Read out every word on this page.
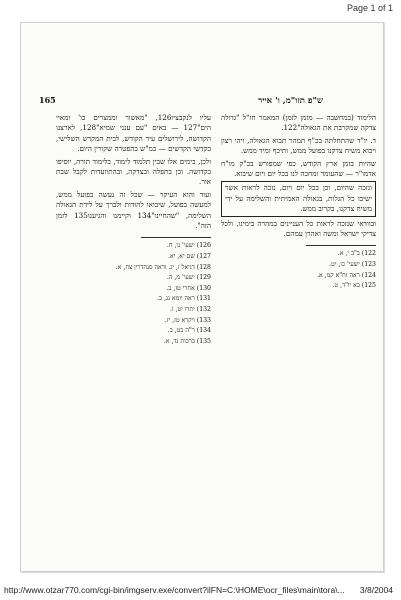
Page 1 of 1
165	ש"פ תזו"מ, ו' אייר

הלימוד (במחשבה — מזמן לזמן) המאמר חז"ל "גדולה צדקה שמקרבת את הגאולה"122.

ד. יו"ד שהתחלתה בכ"ף תמהר תבוא הגאולה, ויהי רצון ויבוא משיח צדקנו בפועל ממש, ותיכף ומיד ממש.

שהיות בזמן ארץ הקודש, כפי שמפורש בכ"ק מו"ח אדמו"ר — שהעומד ומחכה לנו בכל יום ויום שיבוא.

ונזכה שהיום, וכן בכל יום ויום, נזכה לראות אשר ישיבו כל הגלות, בגאולה האמיתית והשלימה על ידי משיח צדקנו, בקרוב ממש.

ובוודאי שנזכה לראות כל העניינים במהרה בימינו, ולכל צדיקי ישראל ומשה ואהרן עמהם.

122) ב"ב י, א.

123) ישעי' כו, יט.

124) ראה זח"א קמ, א.

125) בא יו"ד, ט.

עליו לנקבציו126, "מאשור וממצרים כו' ומאיי הים"127 — באים "עם ענני שמיא"128, לארצנו הקדושה, לירושלים עיר הקודש, לבית המקדש השלישי, בקדשי הקדשים — כמ"ש בהפטרה שקורין היום.

ולכן, בימים אלו שבין תלמוד לימוד, בלימוד תורה, יוסיפו בקדושה. וכן בתפלה ובצדקה, ובהתוועדות לקבל שבת אור.

ועוד והוא העיקר — שכל זה נעשה בפועל ממש, למעשה בפועל, שיבואו להודות ולברך על לידת הגאולה השלימה, "שהחיינו"134 וקיימנו והגיענו135 לזמן הזה".

126) ישעי' נו, ח.

127) שם יא, יא.

128) דניאל ז, יג. וראה סנהדרין צח, א.

129) ישעי' מ, ה.

130) אחרי טז, ב.

131) ראה יומא נג, ב.

132) יתרו יט, ו.

133) ויקרא טז, יז.

134) ר"ה כט, ב.

135) ברכות נד, א.

http://www.otzar770.com/cgi-bin/imgserv.exe/convert?ilFN=C:\HOME\ocr_files\main\tora\... 3/8/2004
